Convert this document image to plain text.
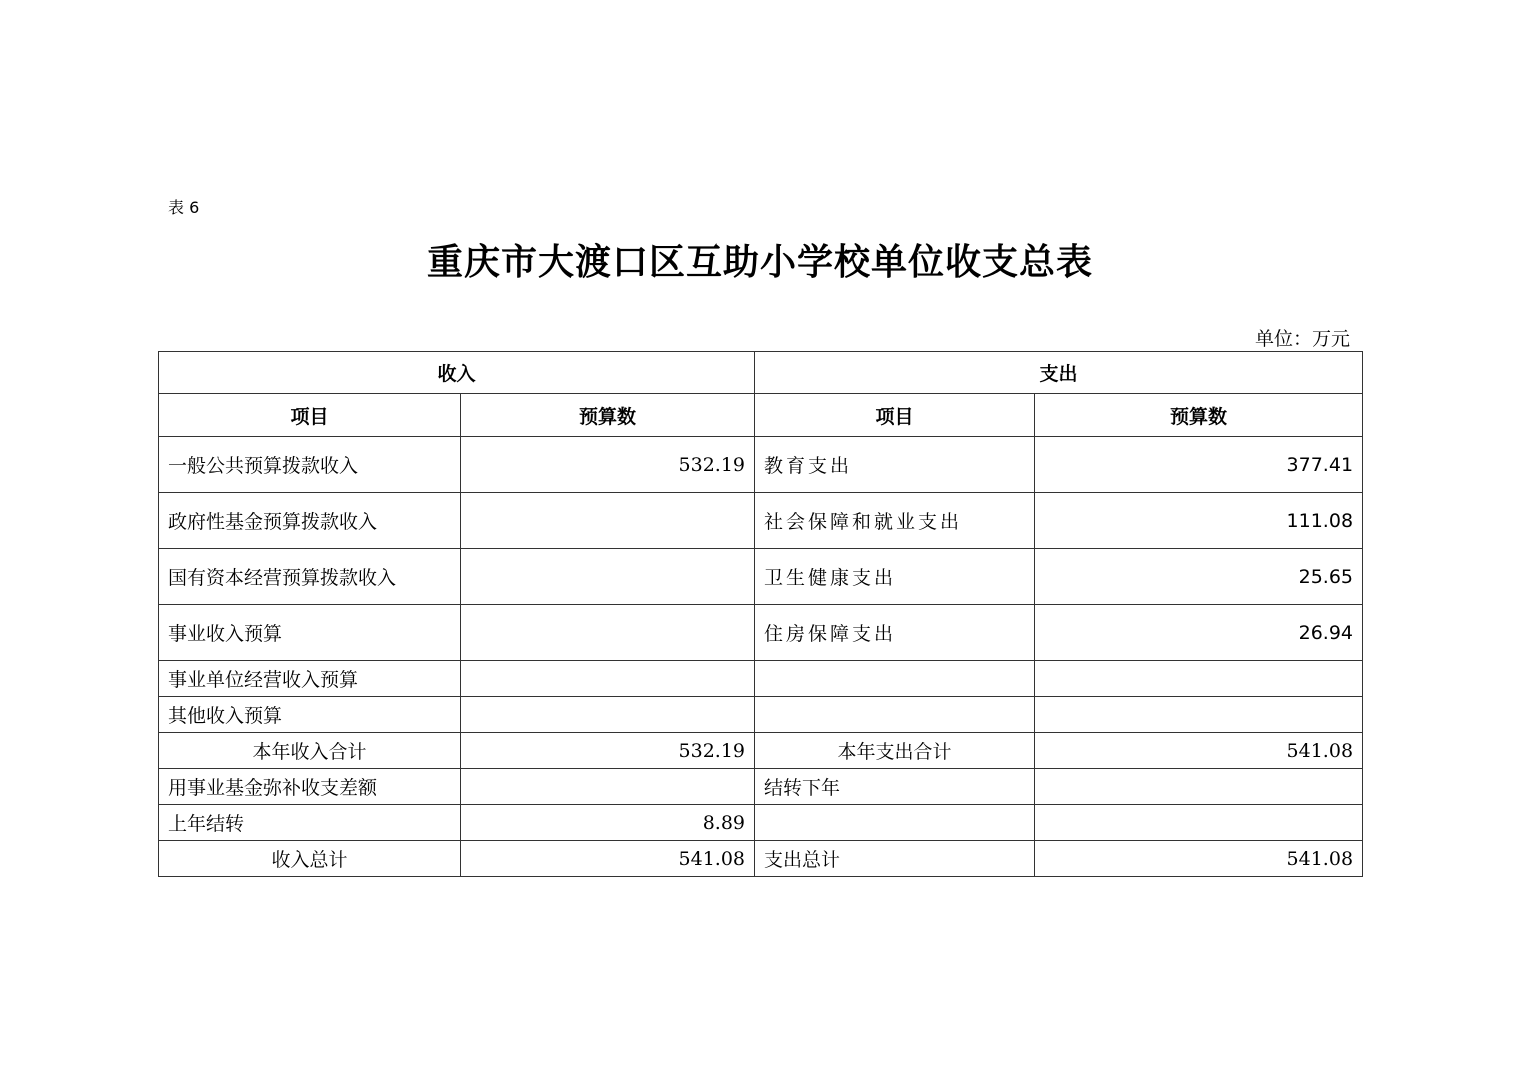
表 6
重庆市大渡口区互助小学校单位收支总表
单位：万元
收入		支出	
项目	预算数	项目	预算数
一般公共预算拨款收入	532.19	教育支出	377.41
政府性基金预算拨款收入		社会保障和就业支出	111.08
国有资本经营预算拨款收入		卫生健康支出	25.65
事业收入预算		住房保障支出	26.94
事业单位经营收入预算			
其他收入预算			
本年收入合计	532.19	本年支出合计	541.08
用事业基金弥补收支差额		结转下年	
上年结转	8.89		
收入总计	541.08	支出总计	541.08
